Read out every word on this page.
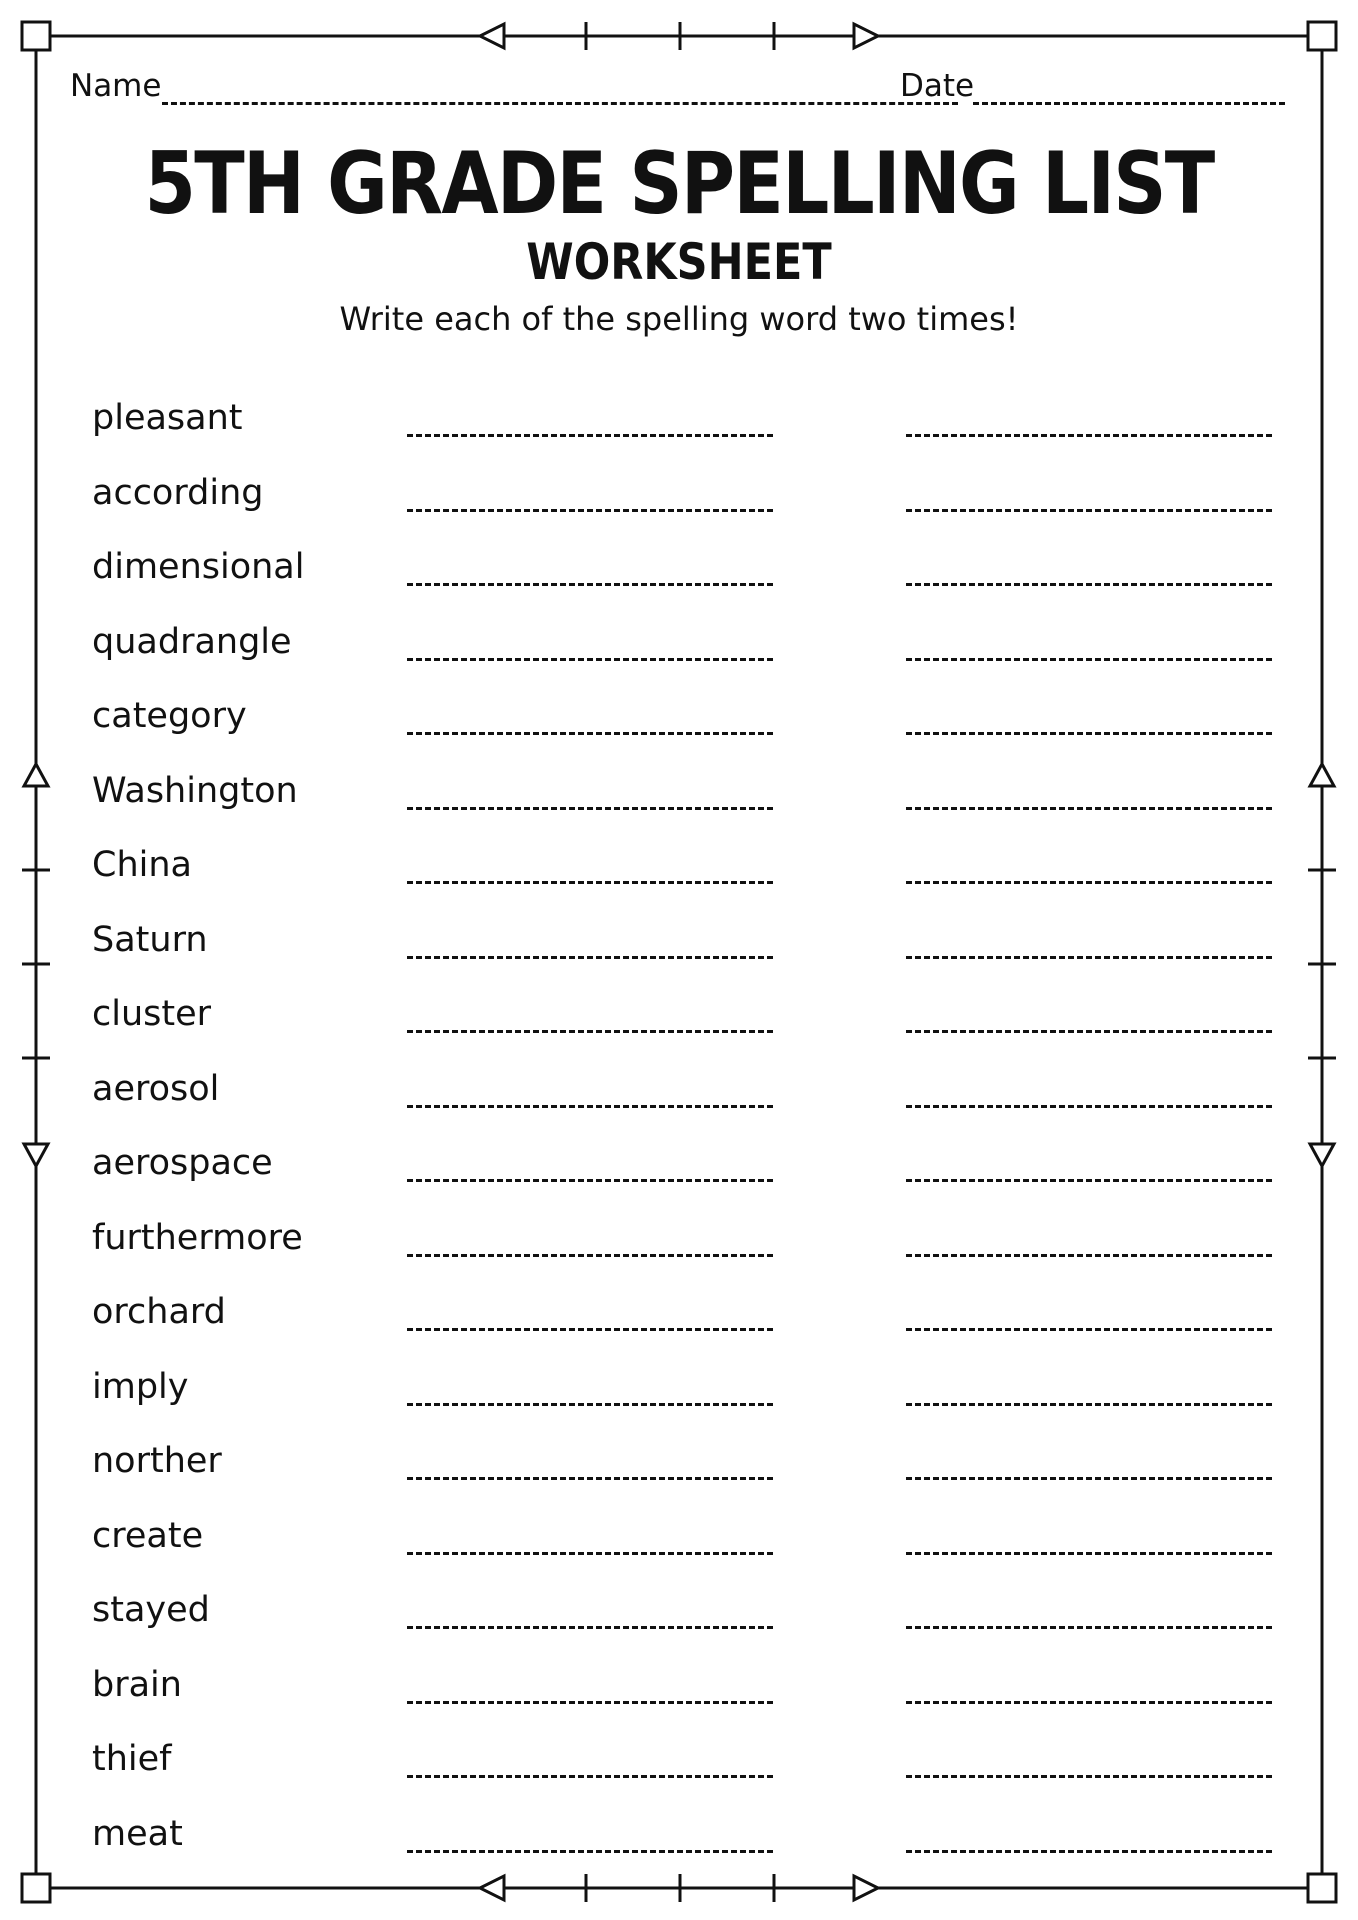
Name	Date
5TH GRADE SPELLING LIST
WORKSHEET

Write each of the spelling word two times!

pleasant
according
dimensional
quadrangle
category
Washington
China
Saturn
cluster
aerosol
aerospace
furthermore
orchard
imply
norther
create
stayed
brain
thief
meat
